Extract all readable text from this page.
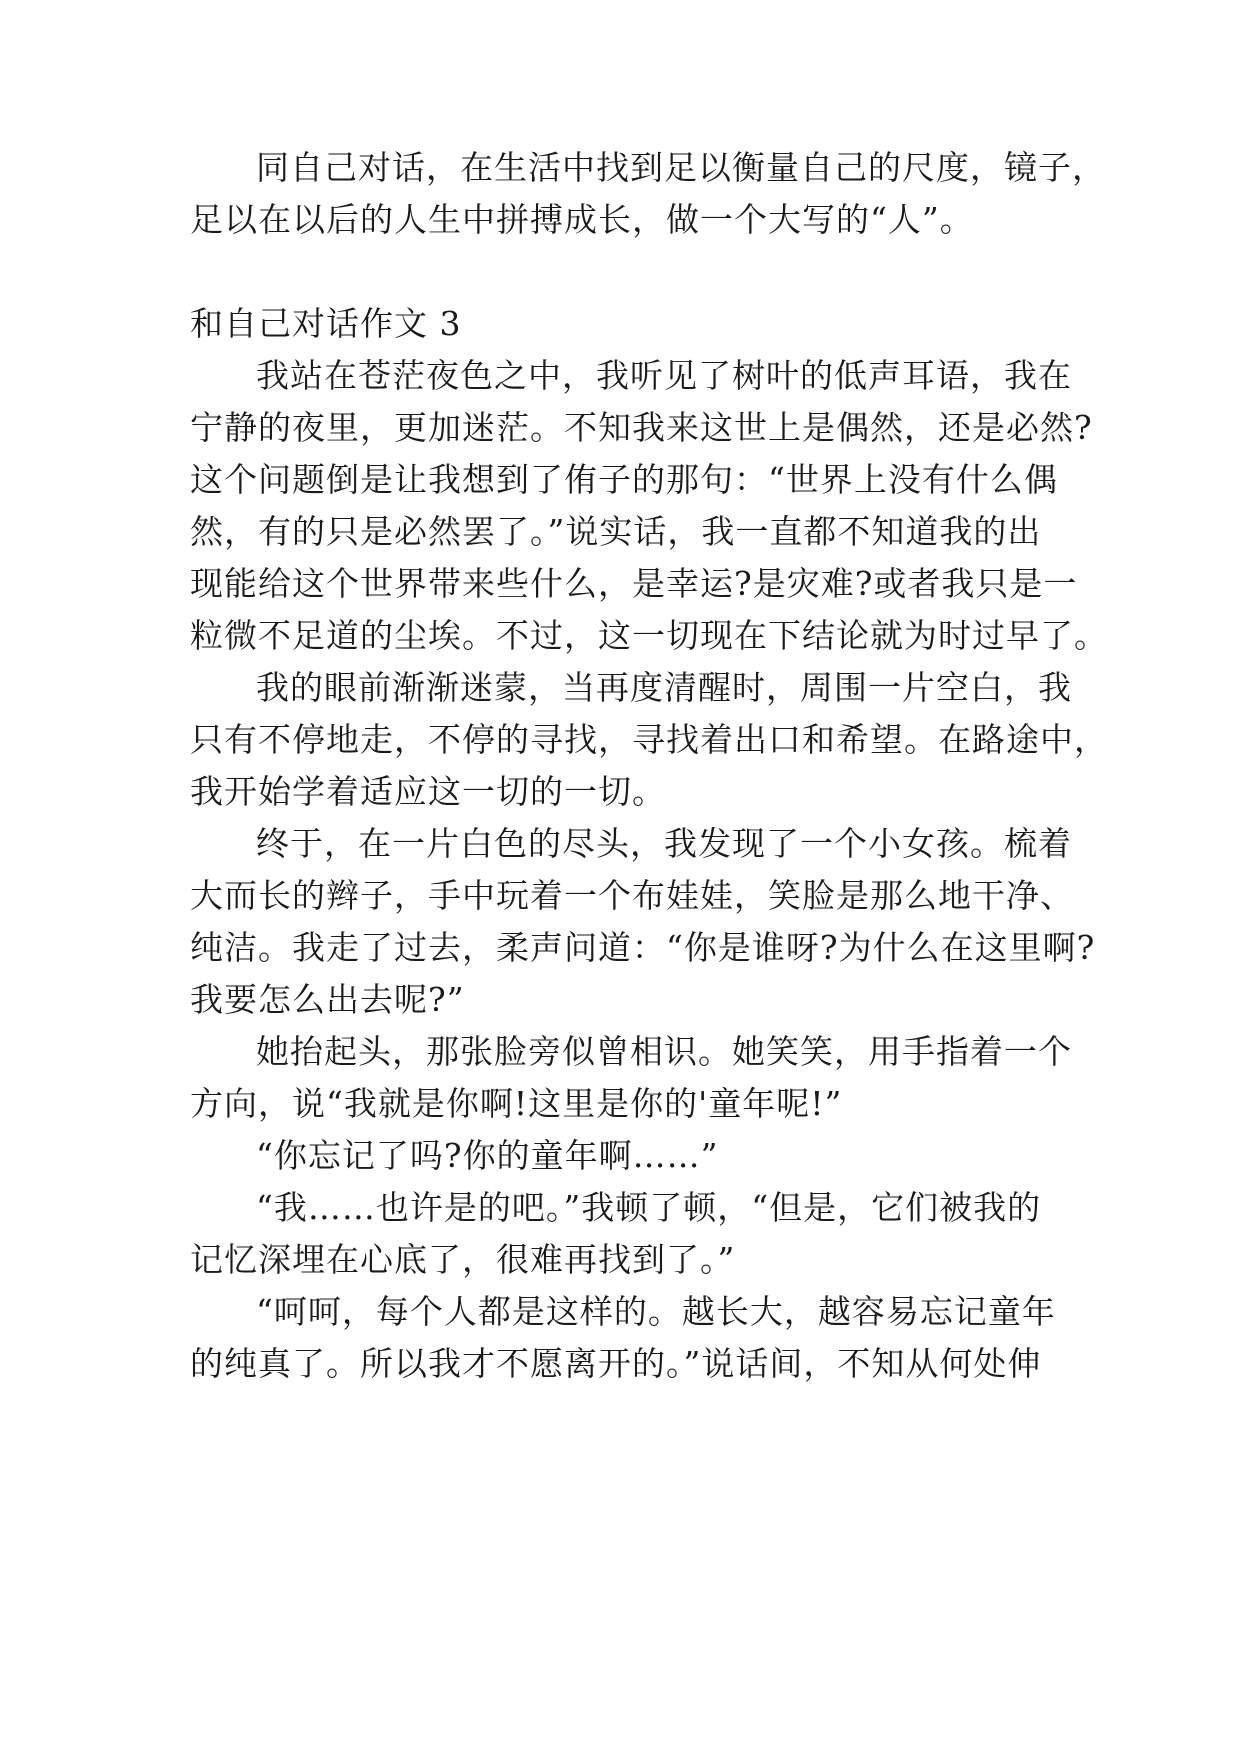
同自己对话，在生活中找到足以衡量自己的尺度，镜子，
足以在以后的人生中拼搏成长，做一个大写的“人”。
和自己对话作文 3
我站在苍茫夜色之中，我听见了树叶的低声耳语，我在
宁静的夜里，更加迷茫。不知我来这世上是偶然，还是必然?
这个问题倒是让我想到了侑子的那句：“世界上没有什么偶
然，有的只是必然罢了。”说实话，我一直都不知道我的出
现能给这个世界带来些什么，是幸运?是灾难?或者我只是一
粒微不足道的尘埃。不过，这一切现在下结论就为时过早了。
我的眼前渐渐迷蒙，当再度清醒时，周围一片空白，我
只有不停地走，不停的寻找，寻找着出口和希望。在路途中，
我开始学着适应这一切的一切。
终于，在一片白色的尽头，我发现了一个小女孩。梳着
大而长的辫子，手中玩着一个布娃娃，笑脸是那么地干净、
纯洁。我走了过去，柔声问道：“你是谁呀?为什么在这里啊?
我要怎么出去呢?”
她抬起头，那张脸旁似曾相识。她笑笑，用手指着一个
方向，说“我就是你啊!这里是你的'童年呢!”
“你忘记了吗?你的童年啊……”
“我……也许是的吧。”我顿了顿，“但是，它们被我的
记忆深埋在心底了，很难再找到了。”
“呵呵，每个人都是这样的。越长大，越容易忘记童年
的纯真了。所以我才不愿离开的。”说话间，不知从何处伸
